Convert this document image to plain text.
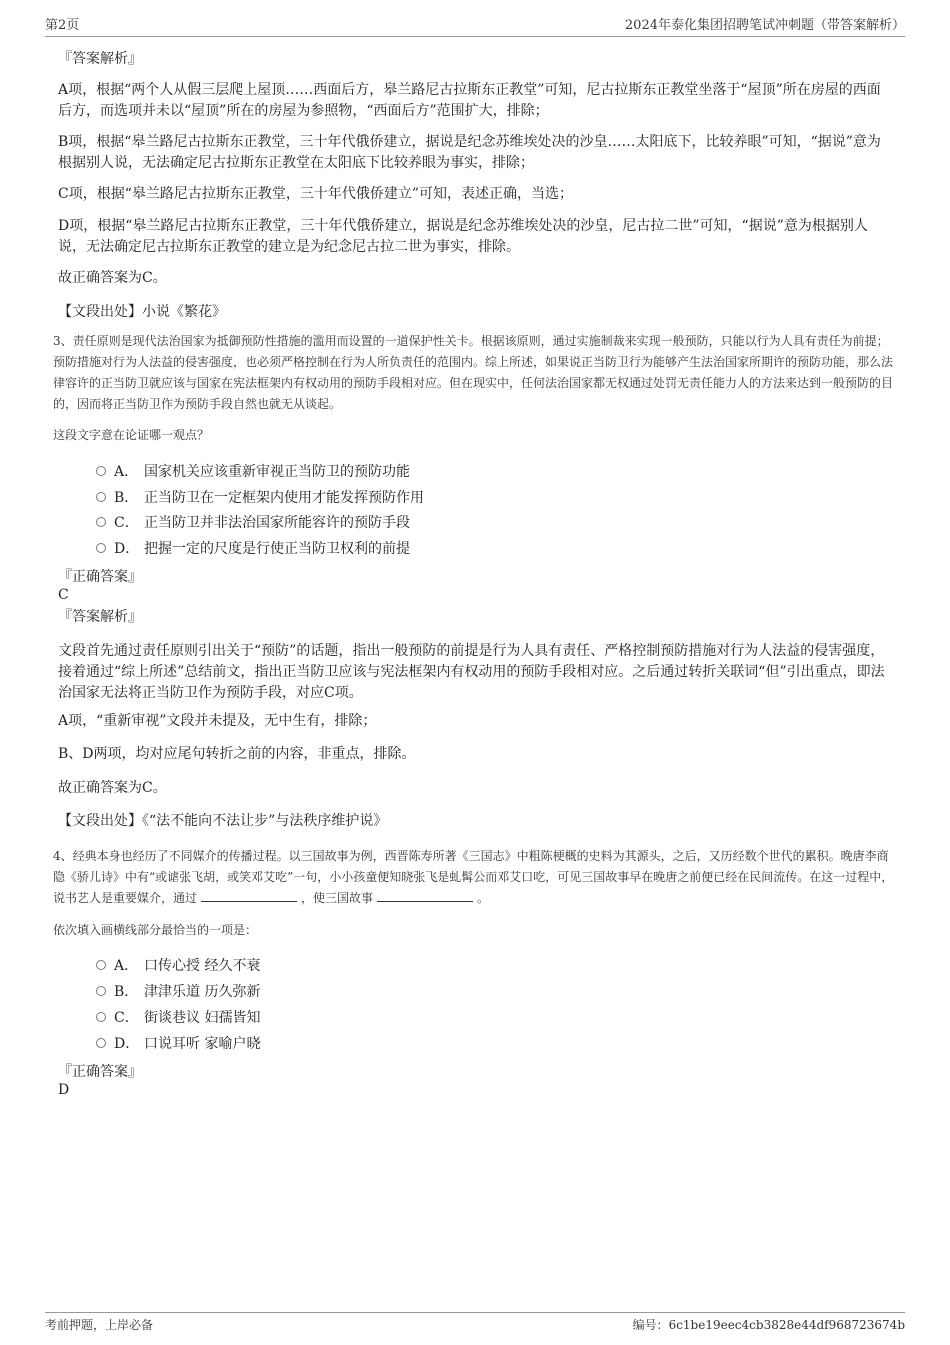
第2页	2024年泰化集团招聘笔试冲刺题（带答案解析）
『答案解析』
A项，根据“两个人从假三层爬上屋顶……西面后方，皋兰路尼古拉斯东正教堂”可知，尼古拉斯东正教堂坐落于“屋顶”所在房屋的西面后方，而选项并未以“屋顶”所在的房屋为参照物，“西面后方”范围扩大，排除；
B项，根据“皋兰路尼古拉斯东正教堂，三十年代俄侨建立，据说是纪念苏维埃处决的沙皇……太阳底下，比较养眼”可知，“据说”意为根据别人说，无法确定尼古拉斯东正教堂在太阳底下比较养眼为事实，排除；
C项，根据“皋兰路尼古拉斯东正教堂，三十年代俄侨建立”可知，表述正确，当选；
D项，根据“皋兰路尼古拉斯东正教堂，三十年代俄侨建立，据说是纪念苏维埃处决的沙皇，尼古拉二世”可知，“据说”意为根据别人说，无法确定尼古拉斯东正教堂的建立是为纪念尼古拉二世为事实，排除。
故正确答案为C。
【文段出处】小说《繁花》
3、责任原则是现代法治国家为抵御预防性措施的滥用而设置的一道保护性关卡。根据该原则，通过实施制裁来实现一般预防，只能以行为人具有责任为前提；预防措施对行为人法益的侵害强度，也必须严格控制在行为人所负责任的范围内。综上所述，如果说正当防卫行为能够产生法治国家所期许的预防功能，那么法律容许的正当防卫就应该与国家在宪法框架内有权动用的预防手段相对应。但在现实中，任何法治国家都无权通过处罚无责任能力人的方法来达到一般预防的目的，因而将正当防卫作为预防手段自然也就无从谈起。
这段文字意在论证哪一观点？
A． 国家机关应该重新审视正当防卫的预防功能
B． 正当防卫在一定框架内使用才能发挥预防作用
C． 正当防卫并非法治国家所能容许的预防手段
D． 把握一定的尺度是行使正当防卫权利的前提
『正确答案』
C
『答案解析』
文段首先通过责任原则引出关于“预防”的话题，指出一般预防的前提是行为人具有责任、严格控制预防措施对行为人法益的侵害强度，接着通过“综上所述”总结前文，指出正当防卫应该与宪法框架内有权动用的预防手段相对应。之后通过转折关联词“但”引出重点，即法治国家无法将正当防卫作为预防手段，对应C项。
A项，“重新审视”文段并未提及，无中生有，排除；
B、D两项，均对应尾句转折之前的内容，非重点，排除。
故正确答案为C。
【文段出处】《“法不能向不法让步”与法秩序维护说》
4、经典本身也经历了不同媒介的传播过程。以三国故事为例，西晋陈寿所著《三国志》中粗陈梗概的史料为其源头，之后，又历经数个世代的累积。晚唐李商隐《骄儿诗》中有“或谑张飞胡，或笑邓艾吃”一句，小小孩童便知晓张飞是虬髯公而邓艾口吃，可见三国故事早在晚唐之前便已经在民间流传。在这一过程中，说书艺人是重要媒介，通过	，使三国故事	。
依次填入画横线部分最恰当的一项是：
A． 口传心授 经久不衰
B． 津津乐道 历久弥新
C． 街谈巷议 妇孺皆知
D． 口说耳听 家喻户晓
『正确答案』
D
考前押题，上岸必备	编号：6c1be19eec4cb3828e44df968723674b
